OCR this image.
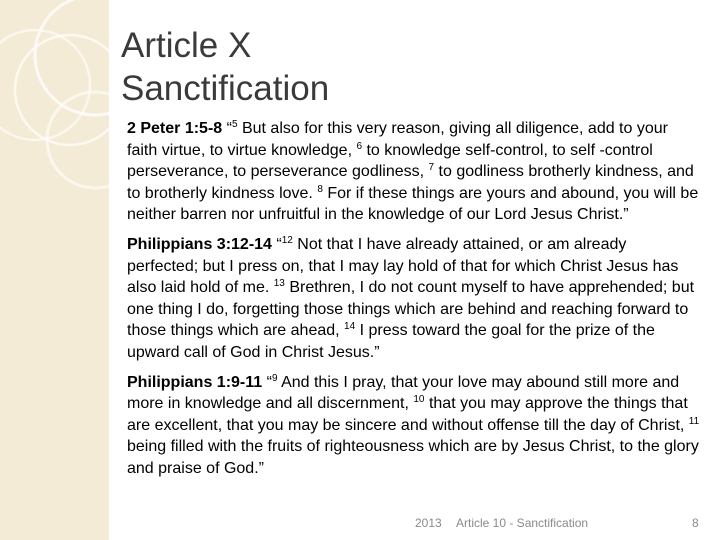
Article X
Sanctification

2 Peter 1:5-8 “$^5$ But also for this very reason, giving all diligence, add to your faith virtue, to virtue knowledge, $^6$ to knowledge self-control, to self -control perseverance, to perseverance godliness, $^7$ to godliness brotherly kindness, and to brotherly kindness love. $^8$ For if these things are yours and abound, you will be neither barren nor unfruitful in the knowledge of our Lord Jesus Christ.”

Philippians 3:12-14 “$^{12}$ Not that I have already attained, or am already perfected; but I press on, that I may lay hold of that for which Christ Jesus has also laid hold of me. $^{13}$ Brethren, I do not count myself to have apprehended; but one thing I do, forgetting those things which are behind and reaching forward to those things which are ahead, $^{14}$ I press toward the goal for the prize of the upward call of God in Christ Jesus.”

Philippians 1:9-11 “$^9$ And this I pray, that your love may abound still more and more in knowledge and all discernment, $^{10}$ that you may approve the things that are excellent, that you may be sincere and without offense till the day of Christ, $^{11}$ being filled with the fruits of righteousness which are by Jesus Christ, to the glory and praise of God.”

2013 Article 10 - Sanctification	8
